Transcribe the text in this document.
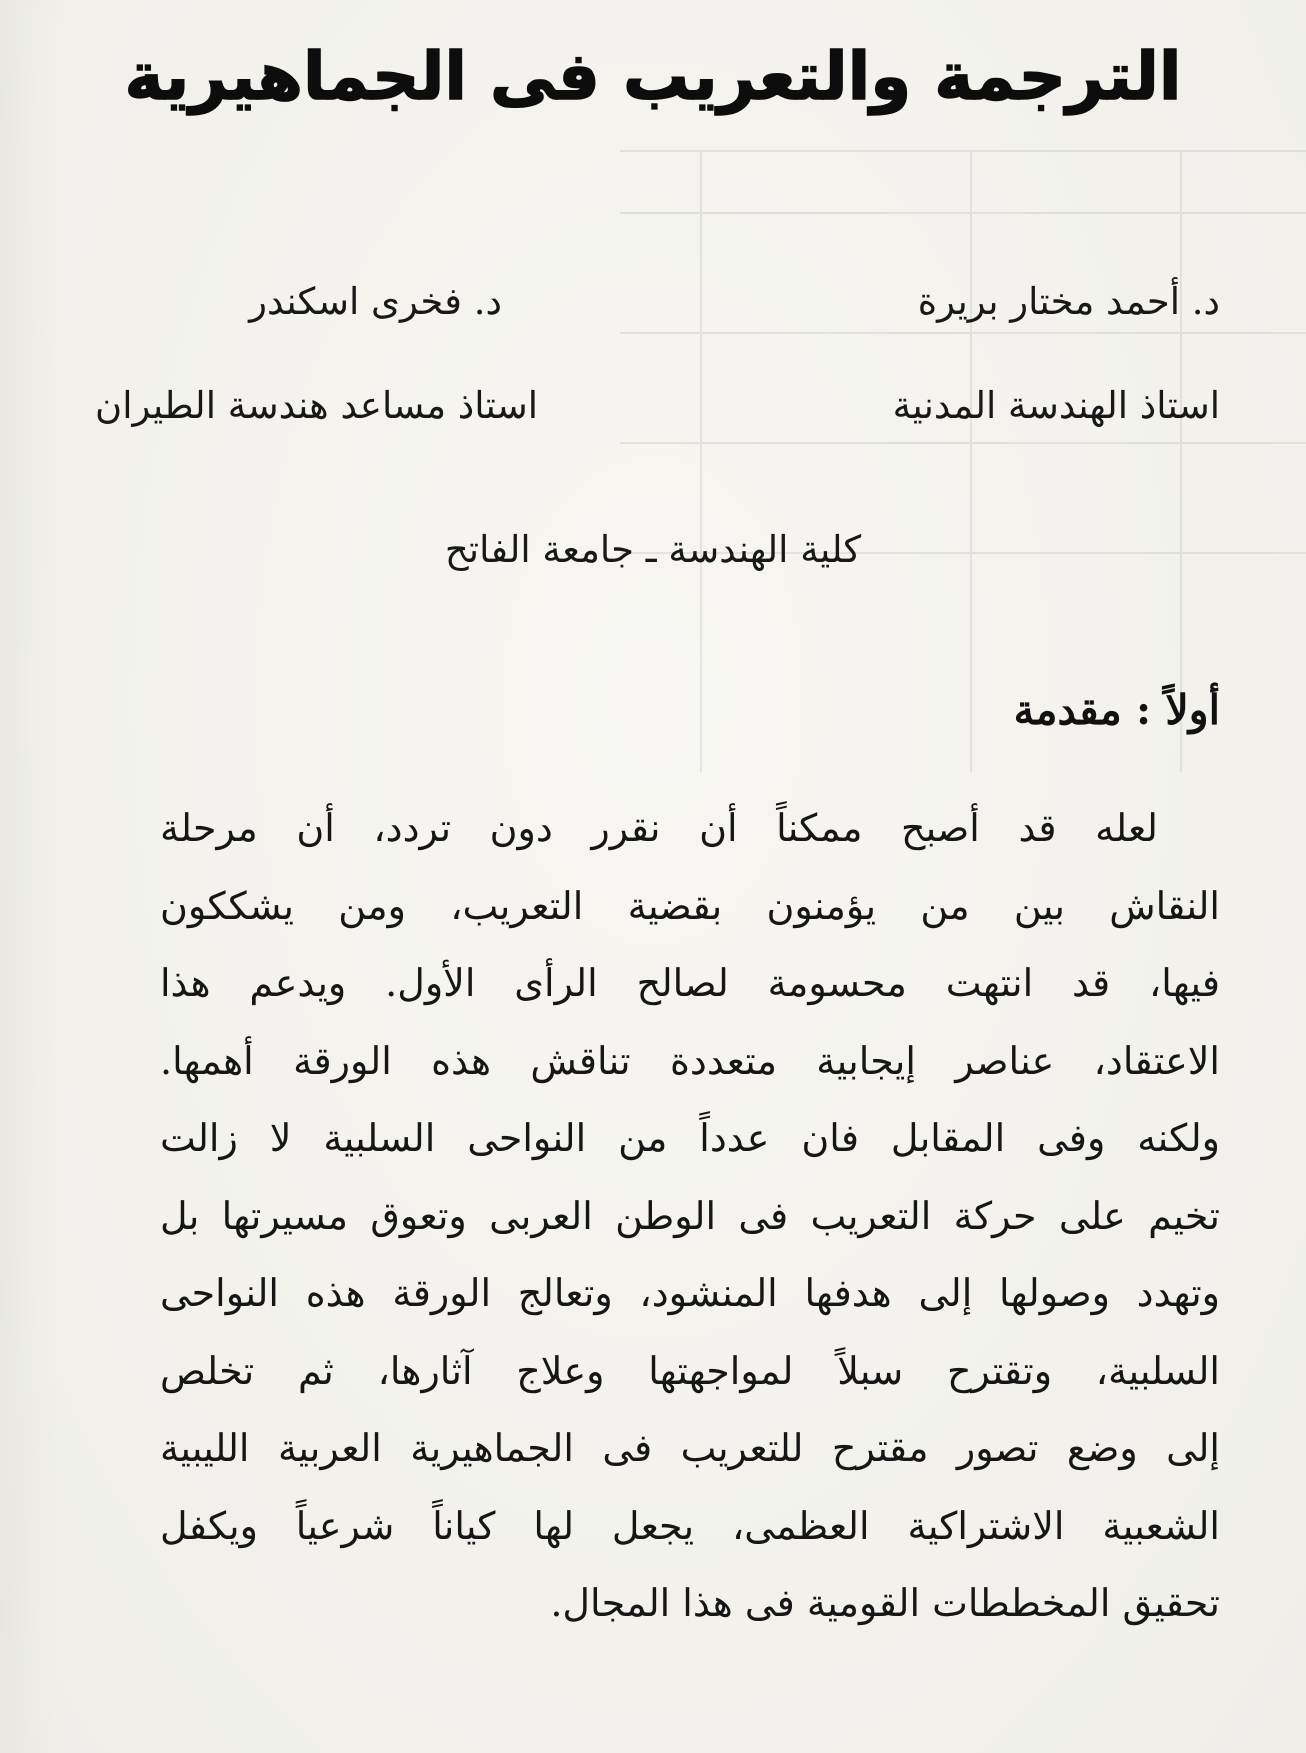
الترجمة والتعريب فى الجماهيرية
د. أحمد مختار بريرة
استاذ الهندسة المدنية
د. فخرى اسكندر
استاذ مساعد هندسة الطيران
كلية الهندسة ـ جامعة الفاتح
أولاً : مقدمة
لعله قد أصبح ممكناً أن نقرر دون تردد، أن مرحلة
النقاش بين من يؤمنون بقضية التعريب، ومن يشككون
فيها، قد انتهت محسومة لصالح الرأى الأول. ويدعم هذا
الاعتقاد، عناصر إيجابية متعددة تناقش هذه الورقة أهمها.
ولكنه وفى المقابل فان عدداً من النواحى السلبية لا زالت
تخيم على حركة التعريب فى الوطن العربى وتعوق مسيرتها بل
وتهدد وصولها إلى هدفها المنشود، وتعالج الورقة هذه النواحى
السلبية، وتقترح سبلاً لمواجهتها وعلاج آثارها، ثم تخلص
إلى وضع تصور مقترح للتعريب فى الجماهيرية العربية الليبية
الشعبية الاشتراكية العظمى، يجعل لها كياناً شرعياً ويكفل
تحقيق المخططات القومية فى هذا المجال.
